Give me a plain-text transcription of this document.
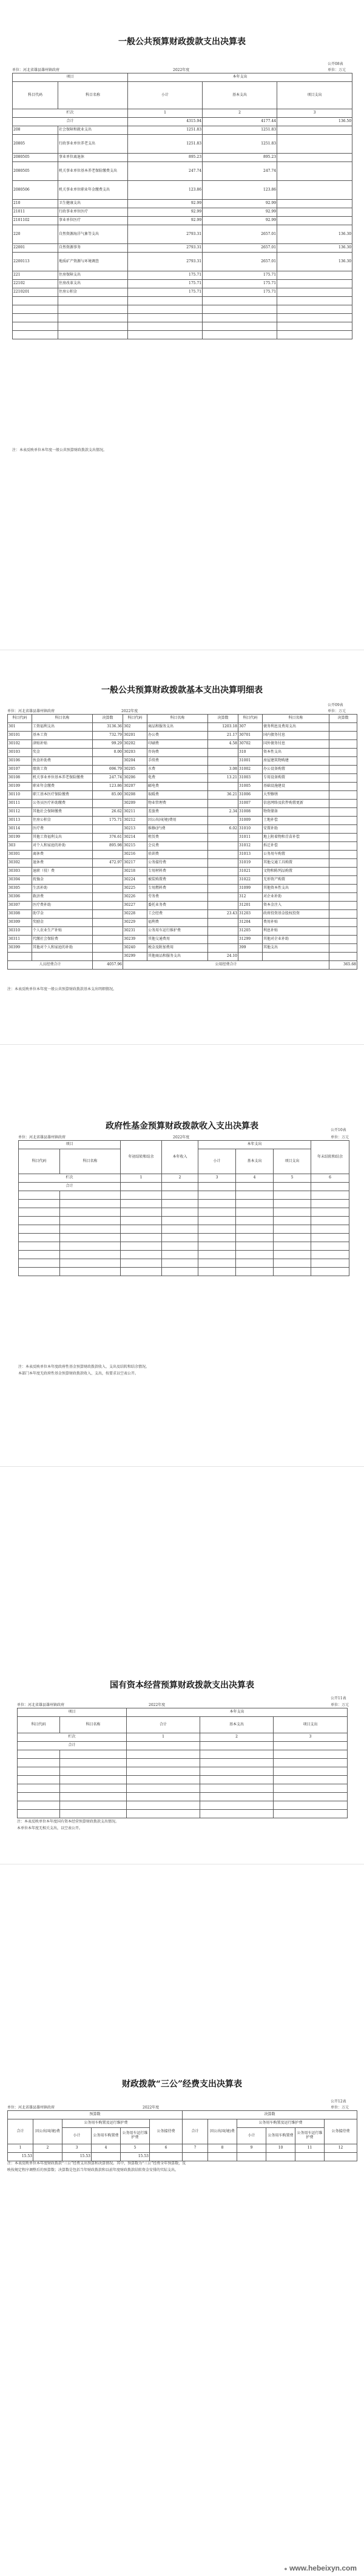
一般公共预算财政拨款支出决算表
公开08表
单位：河北省雄县雄州镇政府	2022年度	单位：万元
项目		本年支出		
科目代码	科目名称	小计	基本支出	项目支出
栏次		1	2	3
合计		4315.94	4177.44	136.50
208	社会保障和就业支出	1251.83	1251.83	
20805	行政事业单位养老支出	1251.83	1251.83	
2080505	事业单位离退休	895.23	895.23	
2080505	机关事业单位基本养老保险缴费支出	247.74	247.74	
2080506	机关事业单位职业年金缴费支出	123.86	123.86	
210	卫生健康支出	92.99	92.99	
21011	行政事业单位医疗	92.99	92.99	
2101102	事业单位医疗	92.99	92.99	
220	自然资源海洋气象等支出	2793.31	2657.01	136.30
22001	自然资源事务	2793.31	2657.01	136.30
2200113	地质矿产资源与环境调查	2793.31	2657.01	136.30
221	住房保障支出	175.71	175.71	
22102	住房改革支出	175.71	175.71	
2210201	住房公积金	175.71	175.71	

注：本表反映单位本年度一般公共预算财政拨款支出情况。
一般公共预算财政拨款基本支出决算明细表
公开09表
单位：河北省雄县雄州镇政府	2022年度	单位：万元
科目代码	科目名称	决算数	科目代码	科目名称	决算数	科目代码	科目名称	决算数
301	工资福利支出	3136.36	302	商品和服务支出	1203.18	307	债务利息及费用支出	
30101	基本工资	732.79	30201	办公费	21.17	30701	国内债务付息	
30102	津贴补贴	99.29	30202	印刷费	4.58	30702	国外债务付息	
30103	奖金	0.00	30203	咨询费		310	资本性支出	
30106	伙食补助费		30204	手续费		31001	房屋建筑物购建	
30107	绩效工资	696.79	30205	水费	3.08	31002	办公设备购置	
30108	机关事业单位基本养老保险缴费	247.74	30206	电费	13.21	31003	专用设备购置	
30109	职业年金缴费	123.86	30207	邮电费		31005	基础设施建设	
30110	职工基本医疗保险缴费	85.00	30208	取暖费	36.21	31006	大型修缮	
30111	公务员医疗补助缴费		30209	物业管理费		31007	信息网络及软件购置更新	
30112	其他社会保障缴费	26.62	30211	差旅费	2.34	31008	物资储备	
30113	住房公积金	175.71	30212	因公出国(境)费用		31009	土地补偿	
30114	医疗费		30213	维修(护)费	6.02	31010	安置补助	
30199	其他工资福利支出	376.61	30214	租赁费		31011	地上附着物和青苗补偿	
303	对个人和家庭的补助	895.98	30215	会议费		31012	拆迁补偿	
30301	离休费		30216	培训费		31013	公务用车购置	
30302	退休费	472.97	30217	公务接待费		31019	其他交通工具购置	
30303	退职（役）费		30218	专用材料费		31021	文物和陈列品购置	
30304	抚恤金		30224	被装购置费		31022	无形资产购置	
30305	生活补助		30225	专用燃料费		31099	其他资本性支出	
30306	救济费		30226	劳务费		312	对企业补助	
30307	医疗费补助		30227	委托业务费		31201	资本金注入	
30308	助学金		30228	工会经费	23.43	31203	政府投资基金股权投资	
30309	奖励金		30229	福利费		31204	费用补贴	
30310	个人农业生产补贴		30231	公务用车运行维护费		31205	利息补贴	
30311	代缴社会保险费		30239	其他交通费用		31299	其他对企业补助	
30399	其他对个人和家庭的补助		30240	税金及附加费用		399	其他支出	
			30299	其他商品和服务支出	24.10			
人员经费合计		4057.96	公用经费合计					365.68
注：本表反映单位本年度一般公共预算财政拨款基本支出明细情况。
政府性基金预算财政拨款收入支出决算表	公开10表
单位：河北省雄县雄州镇政府	2022年度	单位：万元
项目		年初结转和结余	本年收入	本年支出			年末结转和结余
科目代码	科目名称			小计	基本支出	项目支出	
栏次		1	2	3	4	5	6
合计							

注：本表反映单位本年度政府性基金预算财政拨款收入、支出及结转和结余情况。
本部门本年度无政府性基金预算财政拨款收入、支出，按要求以空表公开。
国有资本经营预算财政拨款支出决算表
公开11表
单位：河北省雄县雄州镇政府	2022年度	单位：万元
项目		本年支出		
科目代码	科目名称	合计	基本支出	项目支出
栏次		1	2	3
合计				

注：本表反映单位本年度国有资本经营预算财政拨款支出情况。
本单位本年度无相关支出，以空表公开。
财政拨款“三公”经费支出决算表
公开12表
单位：河北省雄县雄州镇政府	2022年度	单位：万元
预算数						决算数					
合计	因公出国(境)费	公务用车购置及运行维护费			公务接待费	合计	因公出国(境)费	公务用车购置及运行维护费			公务接待费
		小计	公务用车购置费	公务用车运行维护费				小计	公务用车购置费	公务用车运行维护费	
1	2	3	4	5	6	7	8	9	10	11	12
15.53		15.53		15.53							
注：本表反映单位本年度财政拨款“三公”经费支出预算和决算情况。其中，预算数为“三公”经费全年预算数，反
映按规定程序调整后的预算数；决算数是包括当年财政拨款和以前年度财政拨款结转资金安排的实际支出。
● www.hebeixyn.com
